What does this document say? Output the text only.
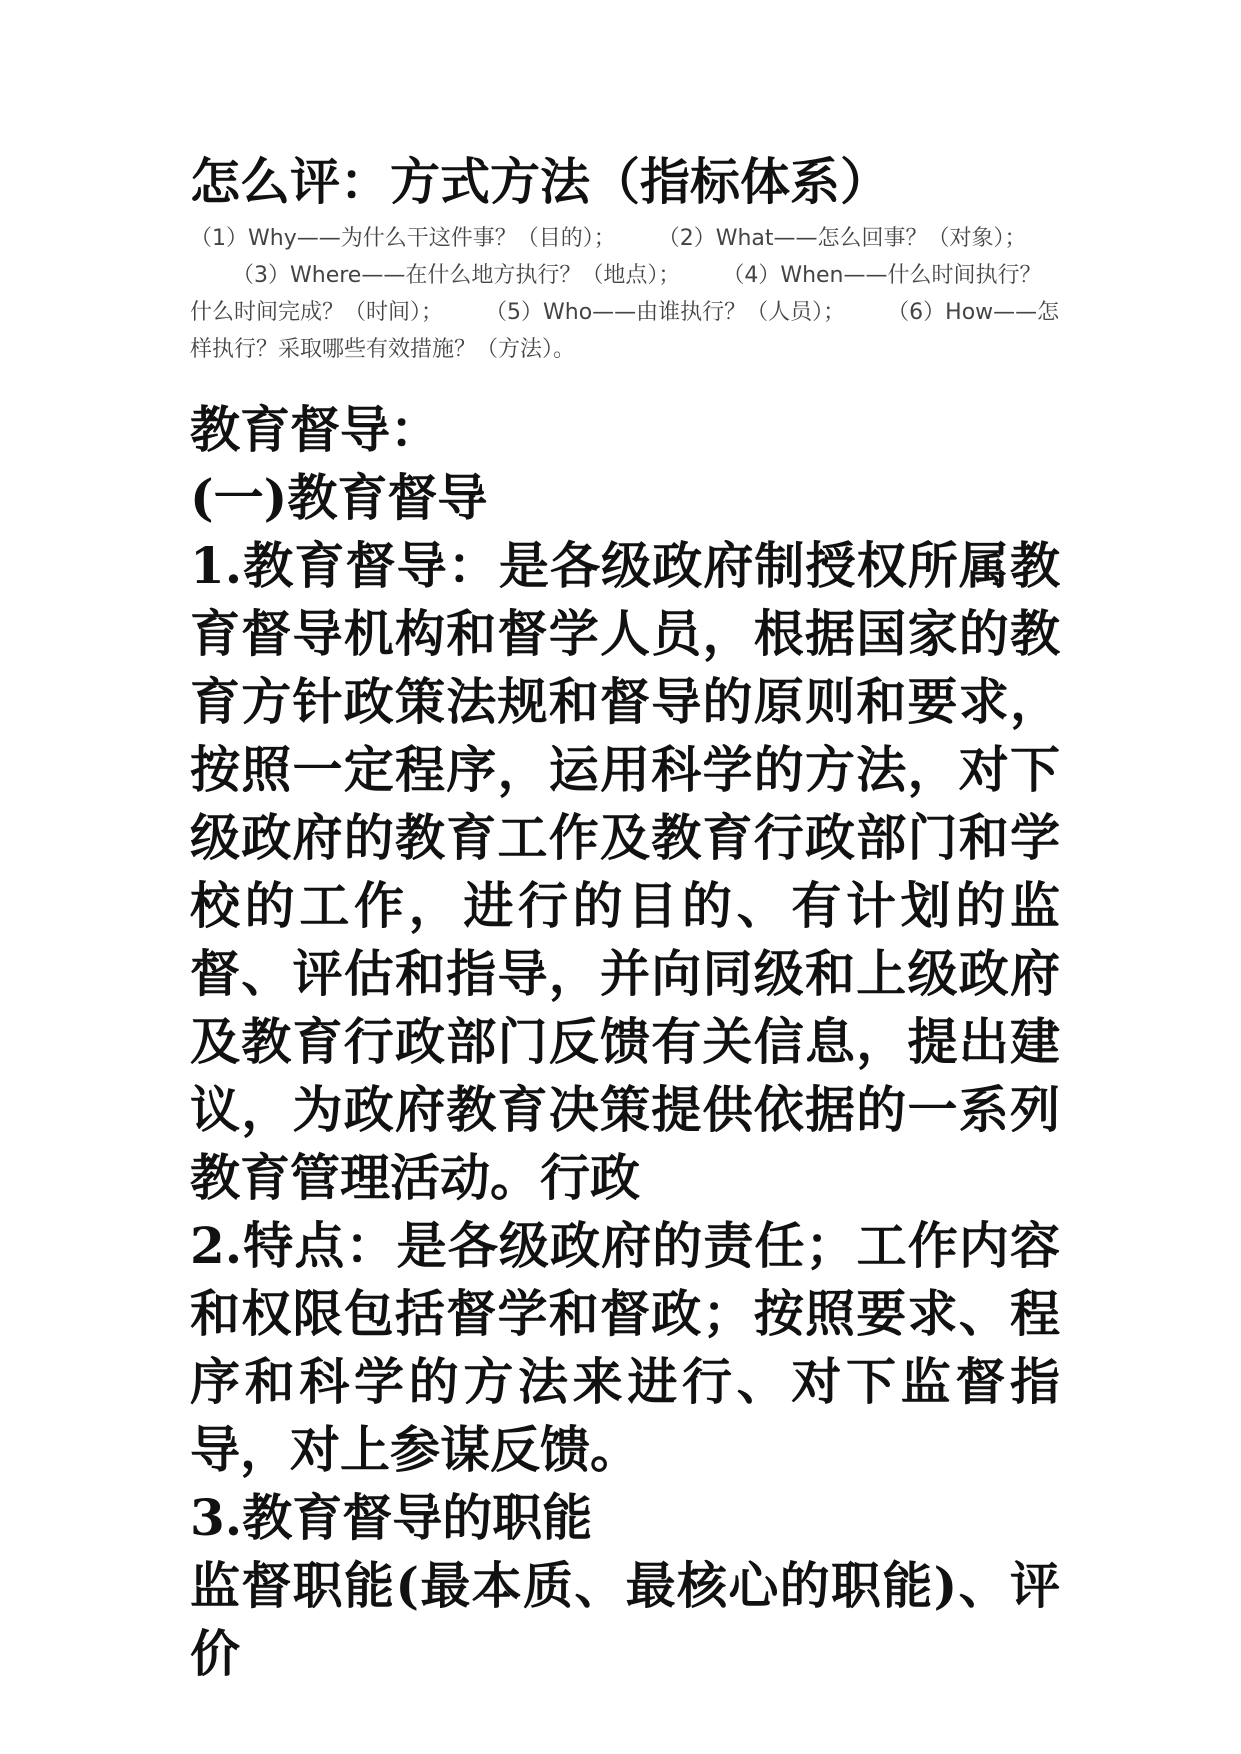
怎么评：方式方法（指标体系）
（1）Why——为什么干这件事？（目的）； （2）What——怎么回事？（对象）；（3）Where——在什么地方执行？（地点）； （4）When——什么时间执行？什么时间完成？（时间）； （5）Who——由谁执行？（人员）； （6）How——怎样执行？采取哪些有效措施？（方法）。

教育督导：

(一)教育督导

1.教育督导：是各级政府制授权所属教育督导机构和督学人员，根据国家的教育方针政策法规和督导的原则和要求，按照一定程序，运用科学的方法，对下级政府的教育工作及教育行政部门和学校的工作，进行的目的、有计划的监督、评估和指导，并向同级和上级政府及教育行政部门反馈有关信息，提出建议，为政府教育决策提供依据的一系列教育管理活动。行政

2.特点：是各级政府的责任；工作内容和权限包括督学和督政；按照要求、程序和科学的方法来进行、对下监督指导，对上参谋反馈。

3.教育督导的职能

监督职能(最本质、最核心的职能)、评价
